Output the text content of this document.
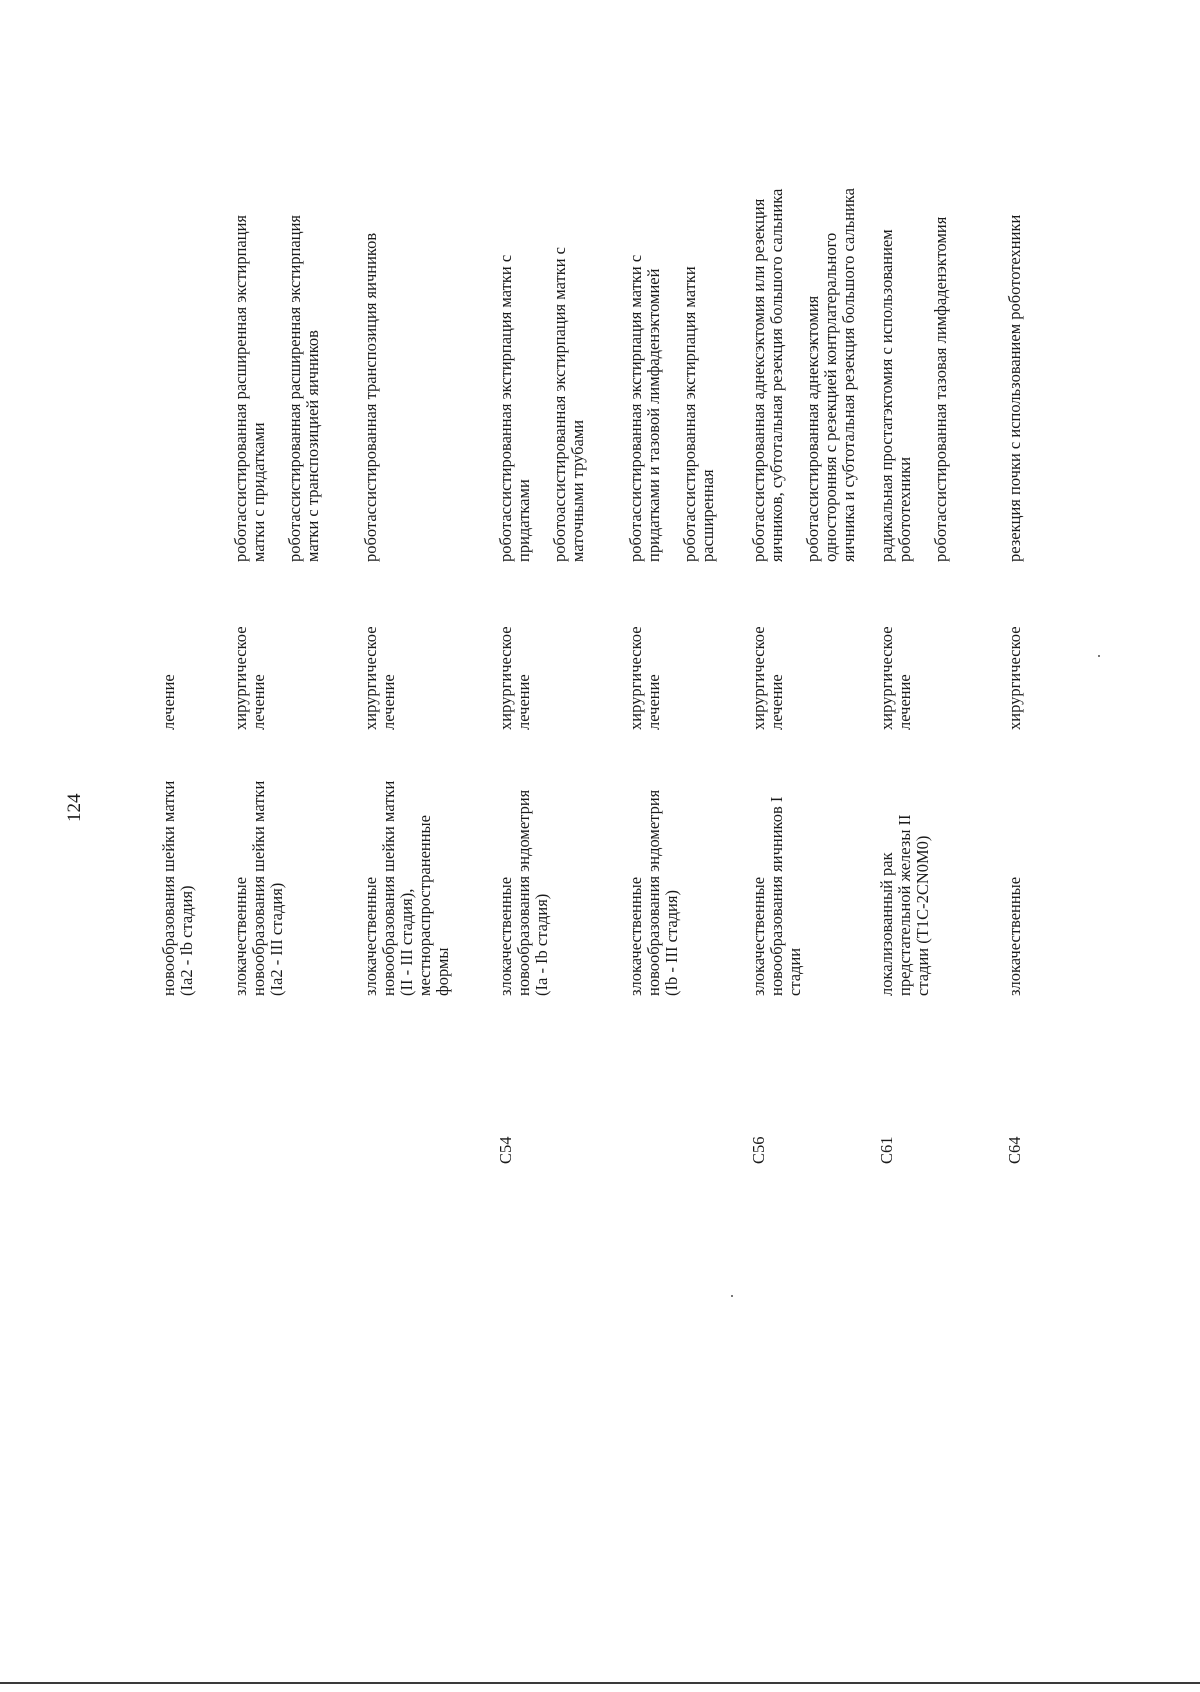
124	новообразования шейки матки (Ia2 - Ib стадия)
лечение
злокачественные новообразования шейки матки (Ia2 - III стадия)
хирургическое лечение
роботассистированная расширенная экстирпация матки с придатками роботассистированная расширенная экстирпация матки с транспозицией яичников
злокачественные новообразования шейки матки (II - III стадия), местнораспространенные формы
хирургическое лечение
роботассистированная транспозиция яичников
C54
злокачественные новообразования эндометрия (Ia - Ib стадия)
хирургическое лечение
роботассистированная экстирпация матки с придатками роботоассистированная экстирпация матки с маточными трубами
злокачественные новообразования эндометрия (Ib - III стадия)
хирургическое лечение
роботассистированная экстирпация матки с придатками и тазовой лимфаденэктомией роботассистированная экстирпация матки расширенная
C56
злокачественные новообразования яичников I стадии
хирургическое лечение
роботассистированная аднексэктомия или резекция яичников, субтотальная резекция большого сальника роботассистированная аднексэктомия односторонняя с резекцией контрлатерального яичника и субтотальная резекция большого сальника
C61
локализованный рак предстательной железы II стадии (T1C-2CN0M0)
хирургическое лечение
радикальная простатэктомия с использованием робототехники роботассистированная тазовая лимфаденэктомия
C64
злокачественные
хирургическое
резекция почки с использованием робототехники
